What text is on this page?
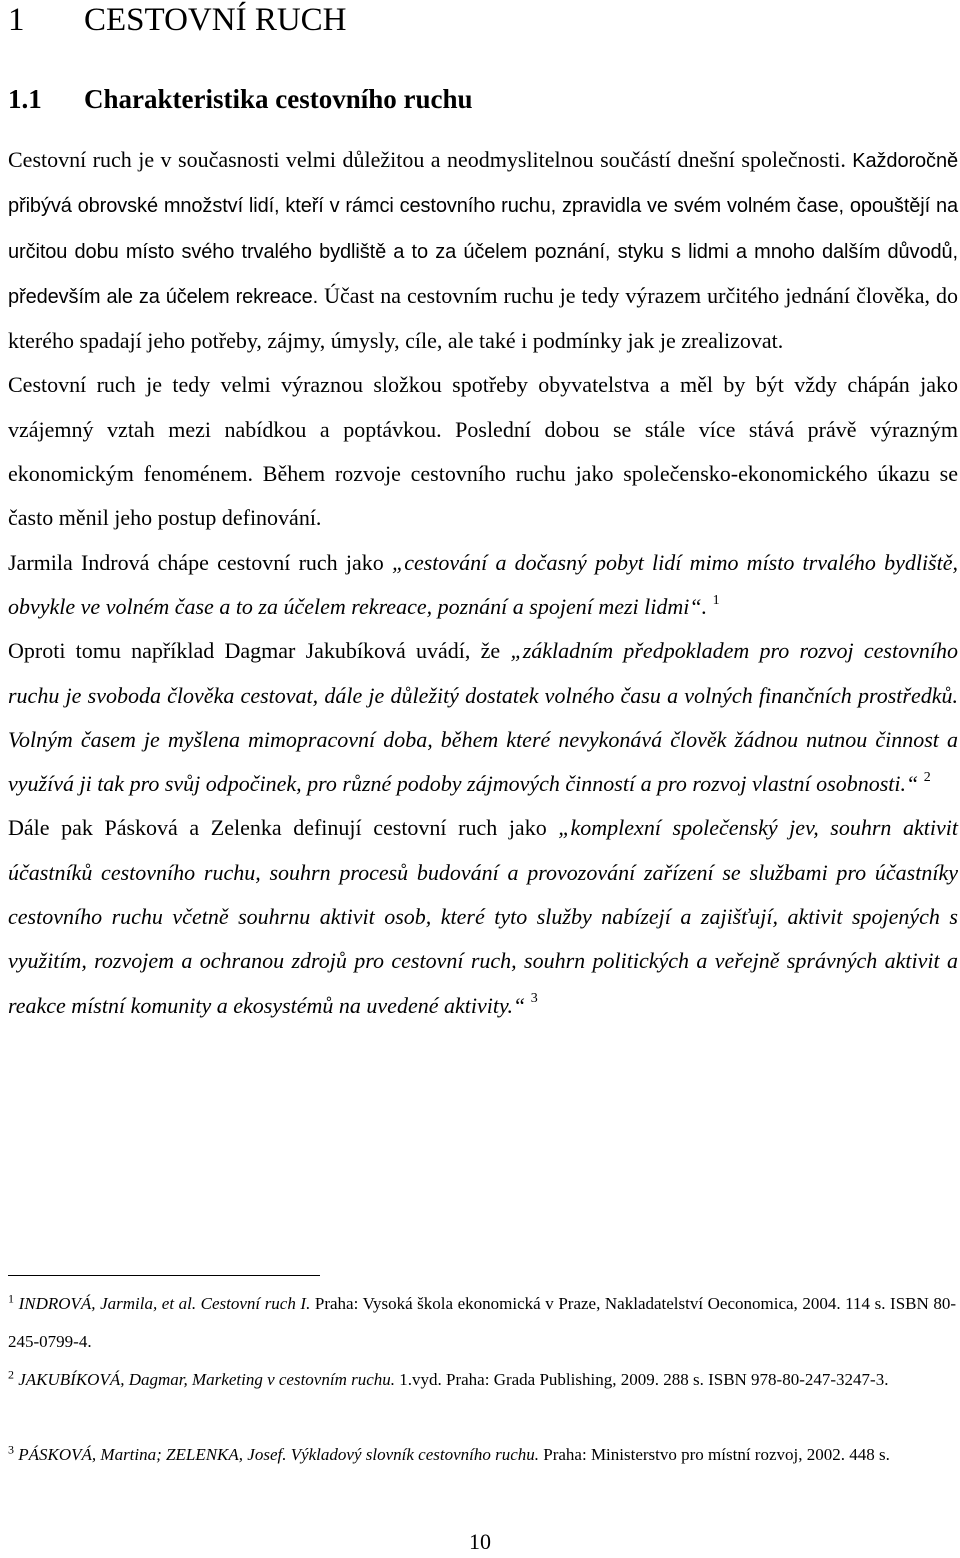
1 CESTOVNÍ RUCH
1.1 Charakteristika cestovního ruchu

Cestovní ruch je v současnosti velmi důležitou a neodmyslitelnou součástí dnešní společnosti. Každoročně přibývá obrovské množství lidí, kteří v rámci cestovního ruchu, zpravidla ve svém volném čase, opouštějí na určitou dobu místo svého trvalého bydliště a to za účelem poznání, styku s lidmi a mnoho dalším důvodů, především ale za účelem rekreace. Účast na cestovním ruchu je tedy výrazem určitého jednání člověka, do kterého spadají jeho potřeby, zájmy, úmysly, cíle, ale také i podmínky jak je zrealizovat.

Cestovní ruch je tedy velmi výraznou složkou spotřeby obyvatelstva a měl by být vždy chápán jako vzájemný vztah mezi nabídkou a poptávkou. Poslední dobou se stále více stává právě výrazným ekonomickým fenoménem. Během rozvoje cestovního ruchu jako společensko-ekonomického úkazu se často měnil jeho postup definování.

Jarmila Indrová chápe cestovní ruch jako „cestování a dočasný pobyt lidí mimo místo trvalého bydliště, obvykle ve volném čase a to za účelem rekreace, poznání a spojení mezi lidmi“. $^1$

Oproti tomu například Dagmar Jakubíková uvádí, že „základním předpokladem pro rozvoj cestovního ruchu je svoboda člověka cestovat, dále je důležitý dostatek volného času a volných finančních prostředků. Volným časem je myšlena mimopracovní doba, během které nevykonává člověk žádnou nutnou činnost a využívá ji tak pro svůj odpočinek, pro různé podoby zájmových činností a pro rozvoj vlastní osobnosti.“ $^2$

Dále pak Pásková a Zelenka definují cestovní ruch jako „komplexní společenský jev, souhrn aktivit účastníků cestovního ruchu, souhrn procesů budování a provozování zařízení se službami pro účastníky cestovního ruchu včetně souhrnu aktivit osob, které tyto služby nabízejí a zajišťují, aktivit spojených s využitím, rozvojem a ochranou zdrojů pro cestovní ruch, souhrn politických a veřejně správných aktivit a reakce místní komunity a ekosystémů na uvedené aktivity.“ $^3$

$^1$ INDROVÁ, Jarmila, et al. Cestovní ruch I. Praha: Vysoká škola ekonomická v Praze, Nakladatelství Oeconomica, 2004. 114 s. ISBN 80-245-0799-4.

$^2$ JAKUBÍKOVÁ, Dagmar, Marketing v cestovním ruchu. 1.vyd. Praha: Grada Publishing, 2009. 288 s. ISBN 978-80-247-3247-3.

$^3$ PÁSKOVÁ, Martina; ZELENKA, Josef. Výkladový slovník cestovního ruchu. Praha: Ministerstvo pro místní rozvoj, 2002. 448 s.

10
